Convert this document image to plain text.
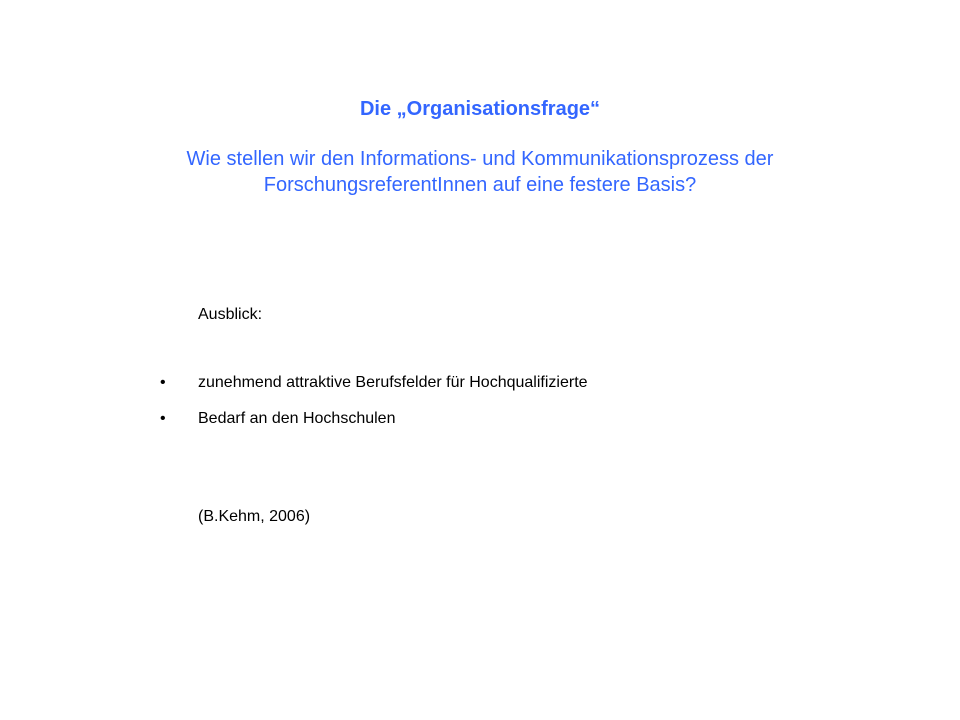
Die „Organisationsfrage“

Wie stellen wir den Informations- und Kommunikationsprozess der ForschungsreferentInnen auf eine festere Basis?

Ausblick:
• zunehmend attraktive Berufsfelder für Hochqualifizierte
• Bedarf an den Hochschulen
(B.Kehm, 2006)
